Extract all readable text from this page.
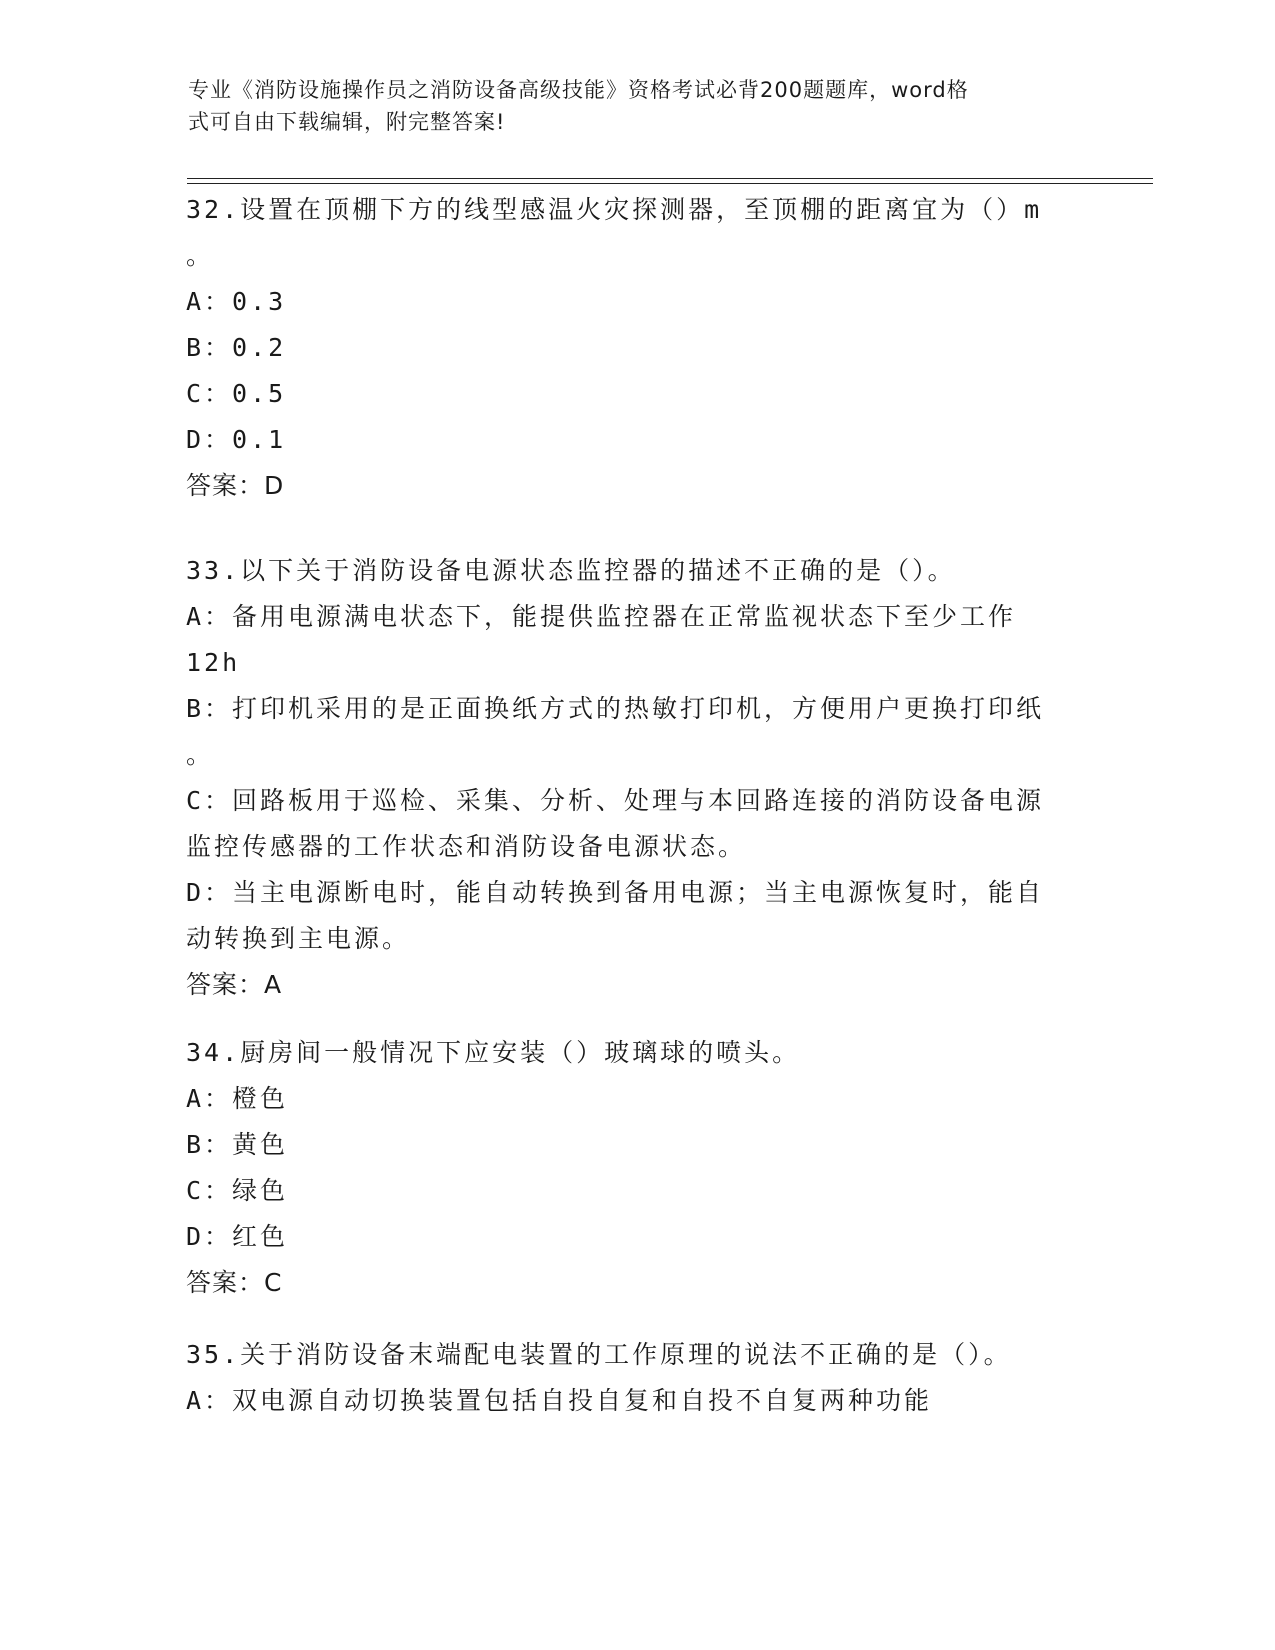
专业《消防设施操作员之消防设备高级技能》资格考试必背200题题库，word格
式可自由下载编辑，附完整答案!
32.设置在顶棚下方的线型感温火灾探测器，至顶棚的距离宜为（）m
。
A：0.3
B：0.2
C：0.5
D：0.1
答案：D
33.以下关于消防设备电源状态监控器的描述不正确的是（）。
A：备用电源满电状态下，能提供监控器在正常监视状态下至少工作
12h
B：打印机采用的是正面换纸方式的热敏打印机，方便用户更换打印纸
。
C：回路板用于巡检、采集、分析、处理与本回路连接的消防设备电源
监控传感器的工作状态和消防设备电源状态。
D：当主电源断电时，能自动转换到备用电源；当主电源恢复时，能自
动转换到主电源。
答案：A
34.厨房间一般情况下应安装（）玻璃球的喷头。
A：橙色
B：黄色
C：绿色
D：红色
答案：C
35.关于消防设备末端配电装置的工作原理的说法不正确的是（）。
A：双电源自动切换装置包括自投自复和自投不自复两种功能
